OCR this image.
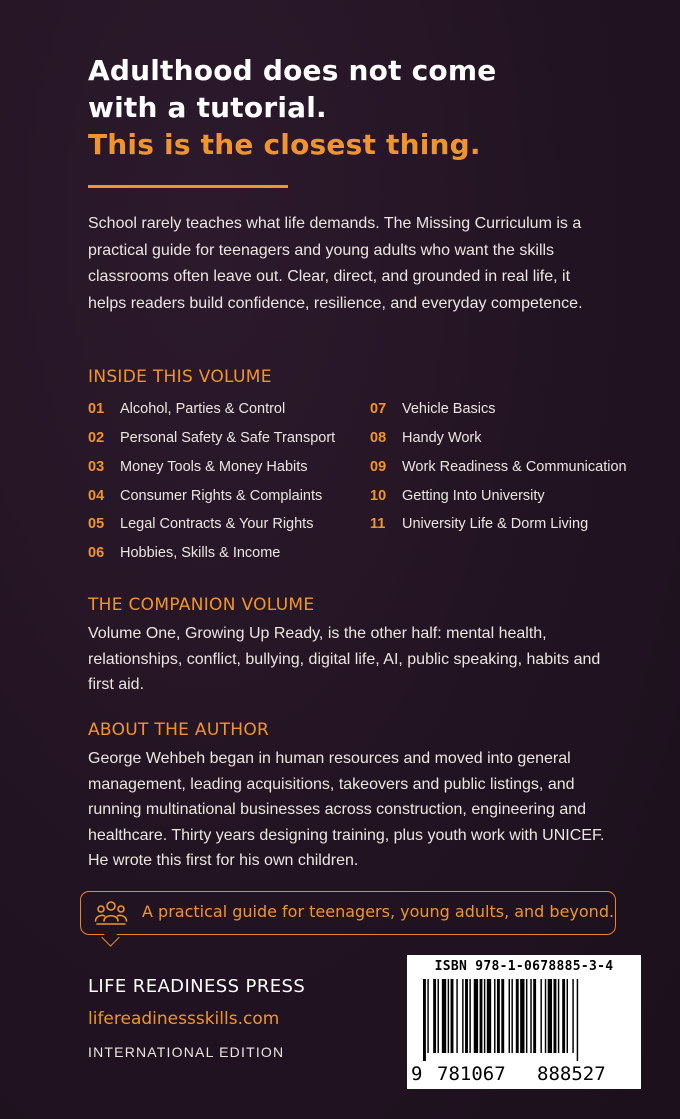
Adulthood does not come
with a tutorial.
This is the closest thing.
School rarely teaches what life demands. The Missing Curriculum is a practical guide for teenagers and young adults who want the skills classrooms often leave out. Clear, direct, and grounded in real life, it helps readers build confidence, resilience, and everyday competence.
INSIDE THIS VOLUME
01 Alcohol, Parties & Control
02 Personal Safety & Safe Transport
03 Money Tools & Money Habits
04 Consumer Rights & Complaints
05 Legal Contracts & Your Rights
06 Hobbies, Skills & Income
07 Vehicle Basics
08 Handy Work
09 Work Readiness & Communication
10 Getting Into University
11 University Life & Dorm Living
THE COMPANION VOLUME
Volume One, Growing Up Ready, is the other half: mental health, relationships, conflict, bullying, digital life, AI, public speaking, habits and first aid.
ABOUT THE AUTHOR
George Wehbeh began in human resources and moved into general management, leading acquisitions, takeovers and public listings, and running multinational businesses across construction, engineering and healthcare. Thirty years designing training, plus youth work with UNICEF. He wrote this first for his own children.
A practical guide for teenagers, young adults, and beyond.
LIFE READINESS PRESS
lifereadinessskills.com
INTERNATIONAL EDITION
ISBN 978-1-0678885-3-4
9 781067 888527
